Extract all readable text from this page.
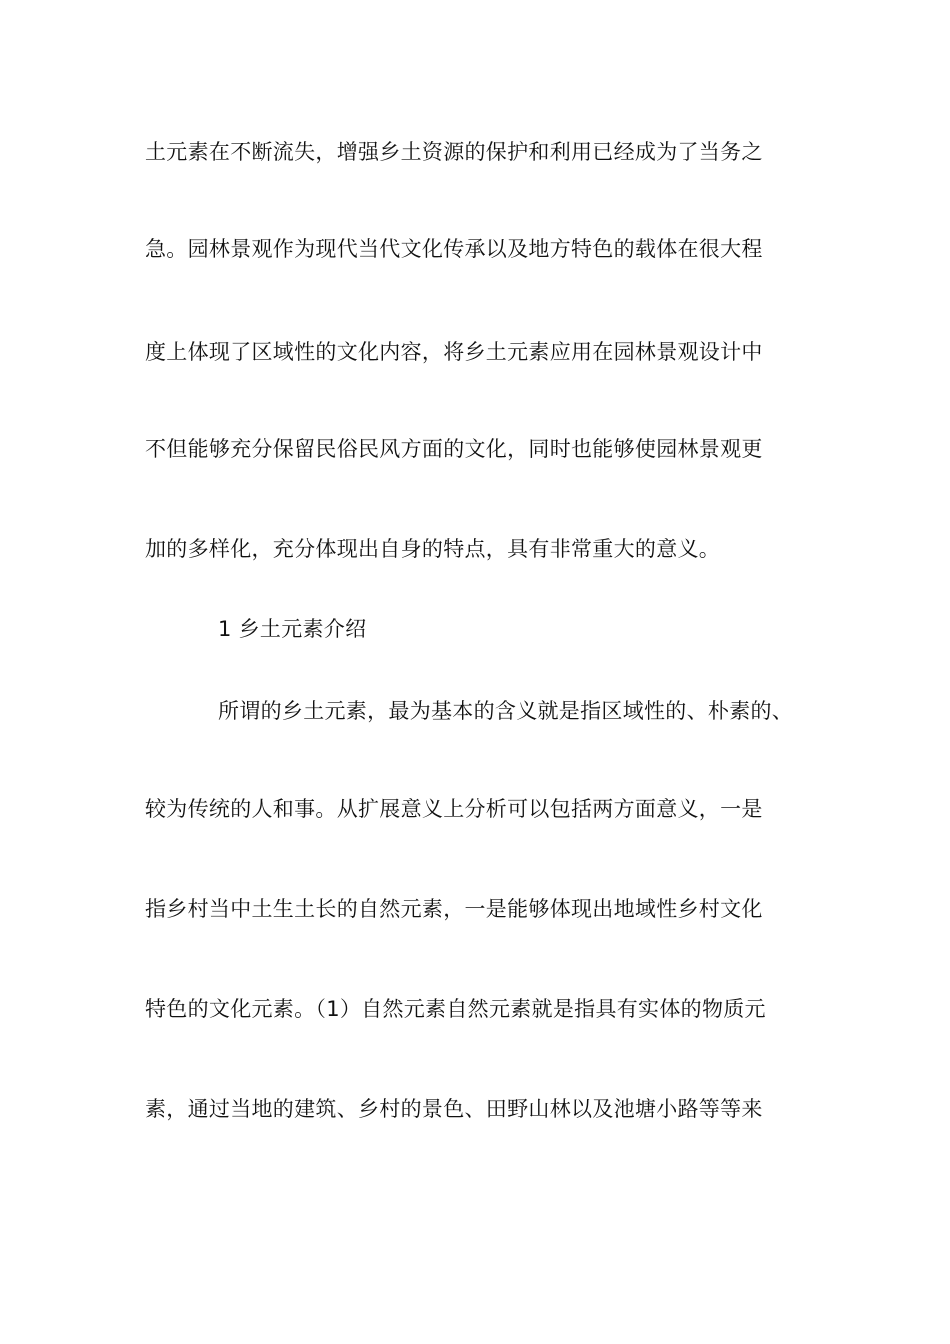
土元素在不断流失，增强乡土资源的保护和利用已经成为了当务之
急。园林景观作为现代当代文化传承以及地方特色的载体在很大程
度上体现了区域性的文化内容，将乡土元素应用在园林景观设计中
不但能够充分保留民俗民风方面的文化，同时也能够使园林景观更
加的多样化，充分体现出自身的特点，具有非常重大的意义。
1 乡土元素介绍
所谓的乡土元素，最为基本的含义就是指区域性的、朴素的、
较为传统的人和事。从扩展意义上分析可以包括两方面意义，一是
指乡村当中土生土长的自然元素，一是能够体现出地域性乡村文化
特色的文化元素。（1）自然元素自然元素就是指具有实体的物质元
素，通过当地的建筑、乡村的景色、田野山林以及池塘小路等等来
